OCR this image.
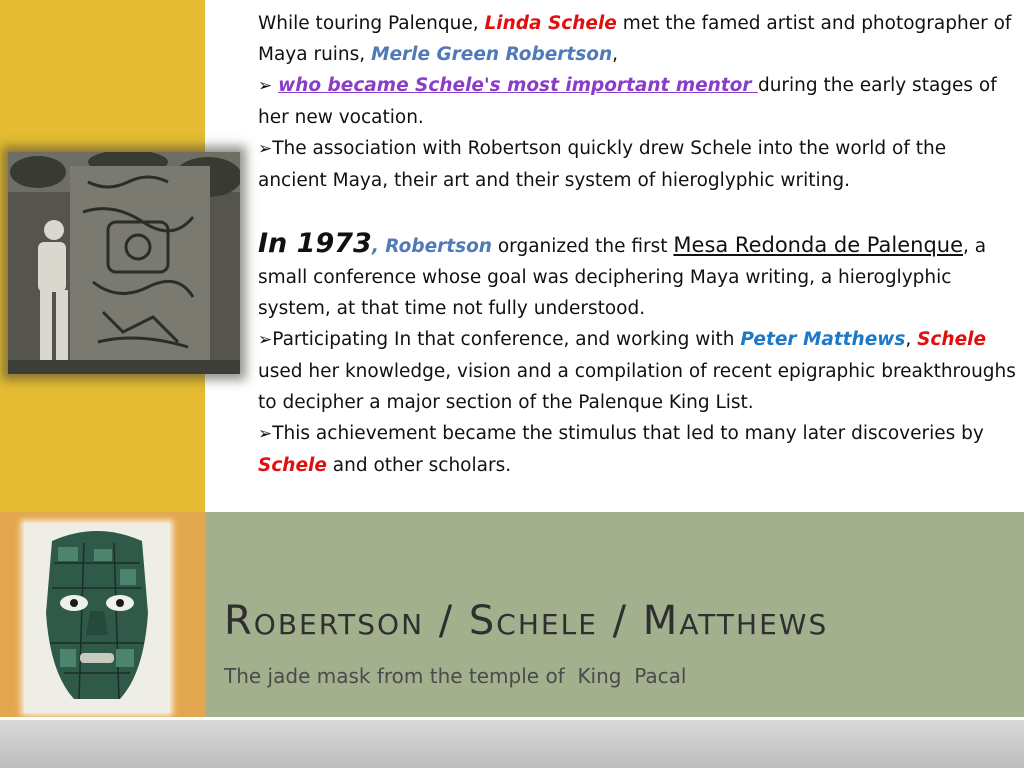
While touring Palenque, Linda Schele met the famed artist and photographer of Maya ruins, Merle Green Robertson,

➢ who became Schele's most important mentor during the early stages of her new vocation.

➢The association with Robertson quickly drew Schele into the world of the ancient Maya, their art and their system of hieroglyphic writing.

In 1973, Robertson organized the first Mesa Redonda de Palenque, a small conference whose goal was deciphering Maya writing, a hieroglyphic system, at that time not fully understood.

➢Participating In that conference, and working with Peter Matthews, Schele used her knowledge, vision and a compilation of recent epigraphic breakthroughs to decipher a major section of the Palenque King List.

➢This achievement became the stimulus that led to many later discoveries by Schele and other scholars.

Robertson / Schele / Matthews
The jade mask from the temple of  King  Pacal
